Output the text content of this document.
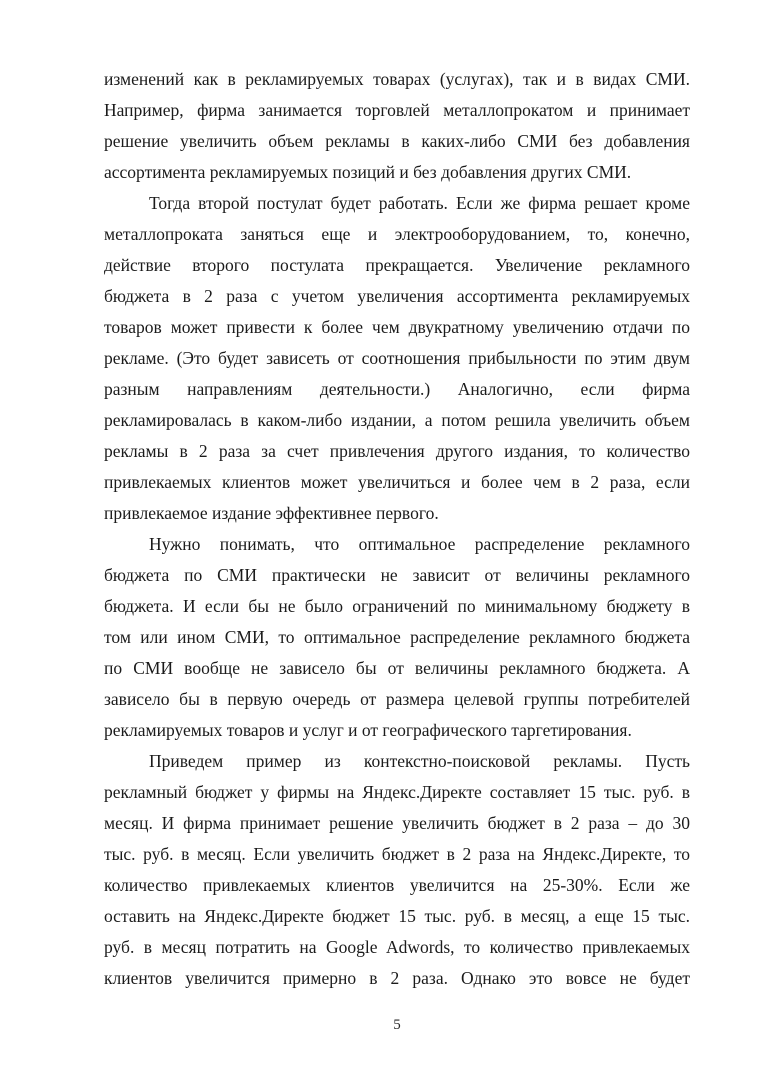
изменений как в рекламируемых товарах (услугах), так и в видах СМИ.
Например, фирма занимается торговлей металлопрокатом и принимает
решение увеличить объем рекламы в каких-либо СМИ без добавления
ассортимента рекламируемых позиций и без добавления других СМИ.
Тогда второй постулат будет работать. Если же фирма решает кроме
металлопроката заняться еще и электрооборудованием, то, конечно,
действие второго постулата прекращается. Увеличение рекламного
бюджета в 2 раза с учетом увеличения ассортимента рекламируемых
товаров может привести к более чем двукратному увеличению отдачи по
рекламе. (Это будет зависеть от соотношения прибыльности по этим двум
разным направлениям деятельности.) Аналогично, если фирма
рекламировалась в каком-либо издании, а потом решила увеличить объем
рекламы в 2 раза за счет привлечения другого издания, то количество
привлекаемых клиентов может увеличиться и более чем в 2 раза, если
привлекаемое издание эффективнее первого.
Нужно понимать, что оптимальное распределение рекламного
бюджета по СМИ практически не зависит от величины рекламного
бюджета. И если бы не было ограничений по минимальному бюджету в
том или ином СМИ, то оптимальное распределение рекламного бюджета
по СМИ вообще не зависело бы от величины рекламного бюджета. А
зависело бы в первую очередь от размера целевой группы потребителей
рекламируемых товаров и услуг и от географического таргетирования.
Приведем пример из контекстно-поисковой рекламы. Пусть
рекламный бюджет у фирмы на Яндекс.Директе составляет 15 тыс. руб. в
месяц. И фирма принимает решение увеличить бюджет в 2 раза – до 30
тыс. руб. в месяц. Если увеличить бюджет в 2 раза на Яндекс.Директе, то
количество привлекаемых клиентов увеличится на 25-30%. Если же
оставить на Яндекс.Директе бюджет 15 тыс. руб. в месяц, а еще 15 тыс.
руб. в месяц потратить на Google Adwords, то количество привлекаемых
клиентов увеличится примерно в 2 раза. Однако это вовсе не будет
5
